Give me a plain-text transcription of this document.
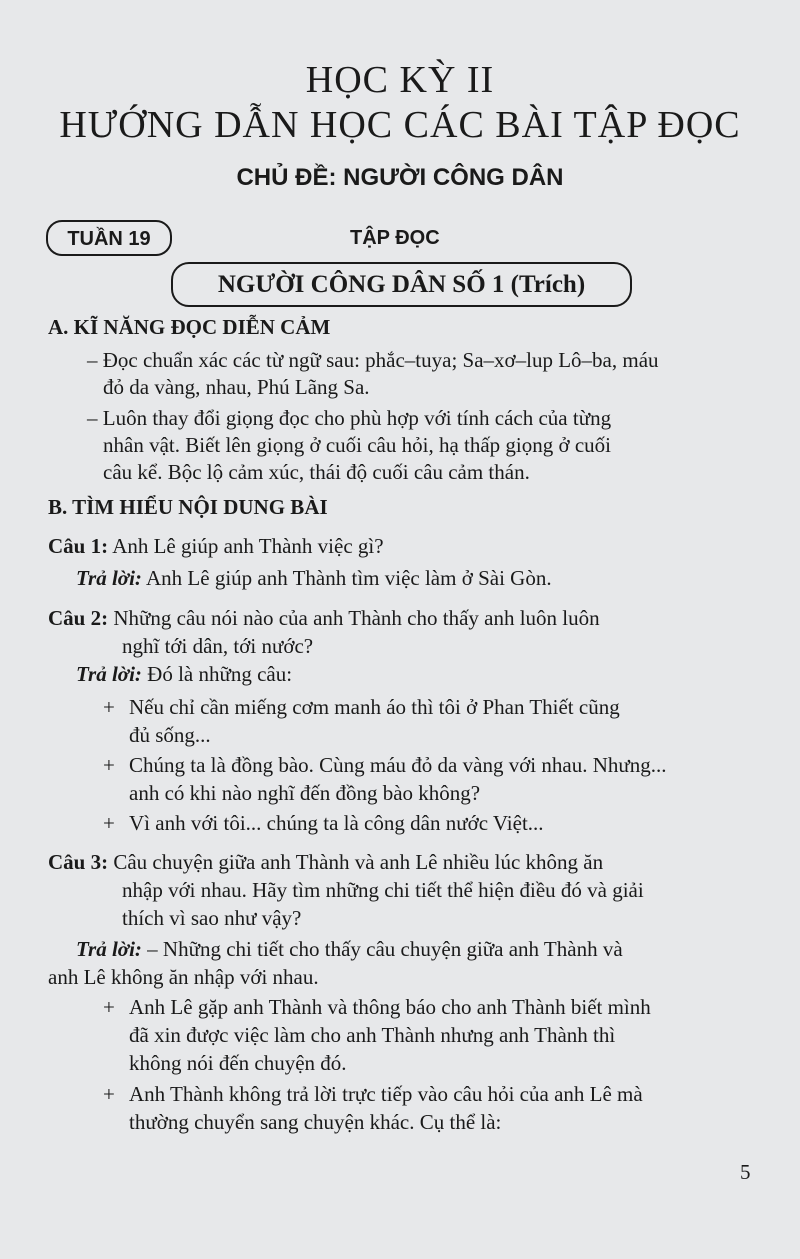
HỌC KỲ II
HƯỚNG DẪN HỌC CÁC BÀI TẬP ĐỌC
CHỦ ĐỀ: NGƯỜI CÔNG DÂN
TUẦN 19	TẬP ĐỌC
NGƯỜI CÔNG DÂN SỐ 1 (Trích)
A. KĨ NĂNG ĐỌC DIỄN CẢM
– Đọc chuẩn xác các từ ngữ sau: phắc–tuya; Sa–xơ–lup Lô–ba, máu
đỏ da vàng, nhau, Phú Lãng Sa.
– Luôn thay đổi giọng đọc cho phù hợp với tính cách của từng
nhân vật. Biết lên giọng ở cuối câu hỏi, hạ thấp giọng ở cuối
câu kể. Bộc lộ cảm xúc, thái độ cuối câu cảm thán.
B. TÌM HIỂU NỘI DUNG BÀI
Câu 1: Anh Lê giúp anh Thành việc gì?
Trả lời: Anh Lê giúp anh Thành tìm việc làm ở Sài Gòn.
Câu 2: Những câu nói nào của anh Thành cho thấy anh luôn luôn
nghĩ tới dân, tới nước?
Trả lời: Đó là những câu:
+ Nếu chỉ cần miếng cơm manh áo thì tôi ở Phan Thiết cũng
đủ sống...
+ Chúng ta là đồng bào. Cùng máu đỏ da vàng với nhau. Nhưng...
anh có khi nào nghĩ đến đồng bào không?
+ Vì anh với tôi... chúng ta là công dân nước Việt...
Câu 3: Câu chuyện giữa anh Thành và anh Lê nhiều lúc không ăn
nhập với nhau. Hãy tìm những chi tiết thể hiện điều đó và giải
thích vì sao như vậy?
Trả lời: – Những chi tiết cho thấy câu chuyện giữa anh Thành và
anh Lê không ăn nhập với nhau.
+ Anh Lê gặp anh Thành và thông báo cho anh Thành biết mình
đã xin được việc làm cho anh Thành nhưng anh Thành thì
không nói đến chuyện đó.
+ Anh Thành không trả lời trực tiếp vào câu hỏi của anh Lê mà
thường chuyển sang chuyện khác. Cụ thể là:
5
